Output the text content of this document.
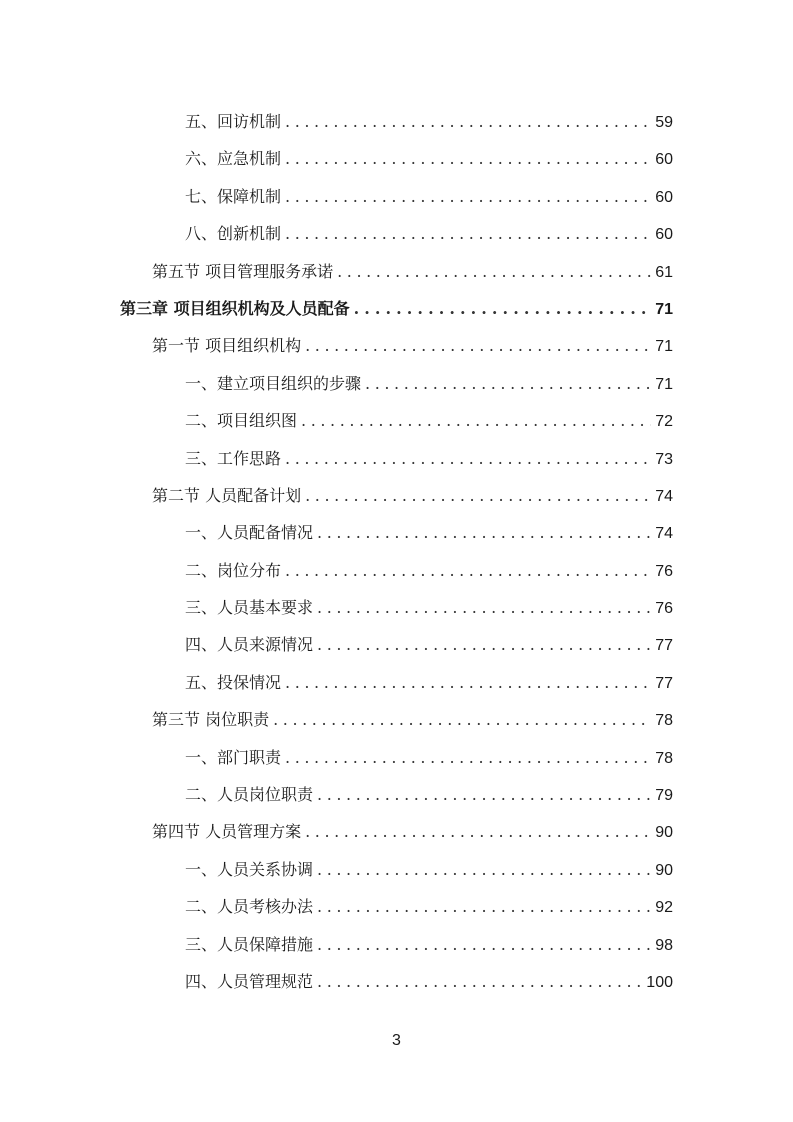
五、回访机制 . . .	59
六、应急机制 . . .	60
七、保障机制 . . .	60
八、创新机制 . . .	60
第五节 项目管理服务承诺 . . .	61
第三章 项目组织机构及人员配备 . . .	71
第一节 项目组织机构 . . .	71
一、建立项目组织的步骤 . . .	71
二、项目组织图 . . .	72
三、工作思路 . . .	73
第二节 人员配备计划 . . .	74
一、人员配备情况 . . .	74
二、岗位分布 . . .	76
三、人员基本要求 . . .	76
四、人员来源情况 . . .	77
五、投保情况 . . .	77
第三节 岗位职责 . . .	78
一、部门职责 . . .	78
二、人员岗位职责 . . .	79
第四节 人员管理方案 . . .	90
一、人员关系协调 . . .	90
二、人员考核办法 . . .	92
三、人员保障措施 . . .	98
四、人员管理规范 . . .	100
3
